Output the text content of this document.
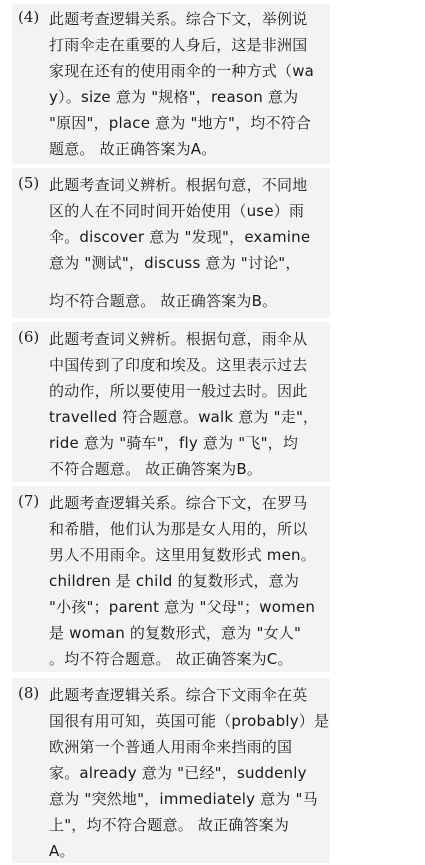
(4) 此题考查逻辑关系。综合下文，举例说
打雨伞走在重要的人身后，这是非洲国
家现在还有的使用雨伞的一种方式（wa
y）。size 意为 "规格"，reason 意为
"原因"，place 意为 "地方"，均不符合
题意。 故正确答案为A。
(5) 此题考查词义辨析。根据句意，不同地
区的人在不同时间开始使用（use）雨
伞。discover 意为 "发现"，examine
意为 "测试"，discuss 意为 "讨论"，
均不符合题意。 故正确答案为B。
(6) 此题考查词义辨析。根据句意，雨伞从
中国传到了印度和埃及。这里表示过去
的动作，所以要使用一般过去时。因此
travelled 符合题意。walk 意为 "走"，
ride 意为 "骑车"，fly 意为 "飞"，均
不符合题意。 故正确答案为B。
(7) 此题考查逻辑关系。综合下文，在罗马
和希腊，他们认为那是女人用的，所以
男人不用雨伞。这里用复数形式 men。
children 是 child 的复数形式，意为
"小孩"；parent 意为 "父母"；women
是 woman 的复数形式，意为 "女人"
。均不符合题意。 故正确答案为C。
(8) 此题考查逻辑关系。综合下文雨伞在英
国很有用可知，英国可能（probably）是
欧洲第一个普通人用雨伞来挡雨的国
家。already 意为 "已经"，suddenly
意为 "突然地"，immediately 意为 "马
上"，均不符合题意。 故正确答案为
A。
